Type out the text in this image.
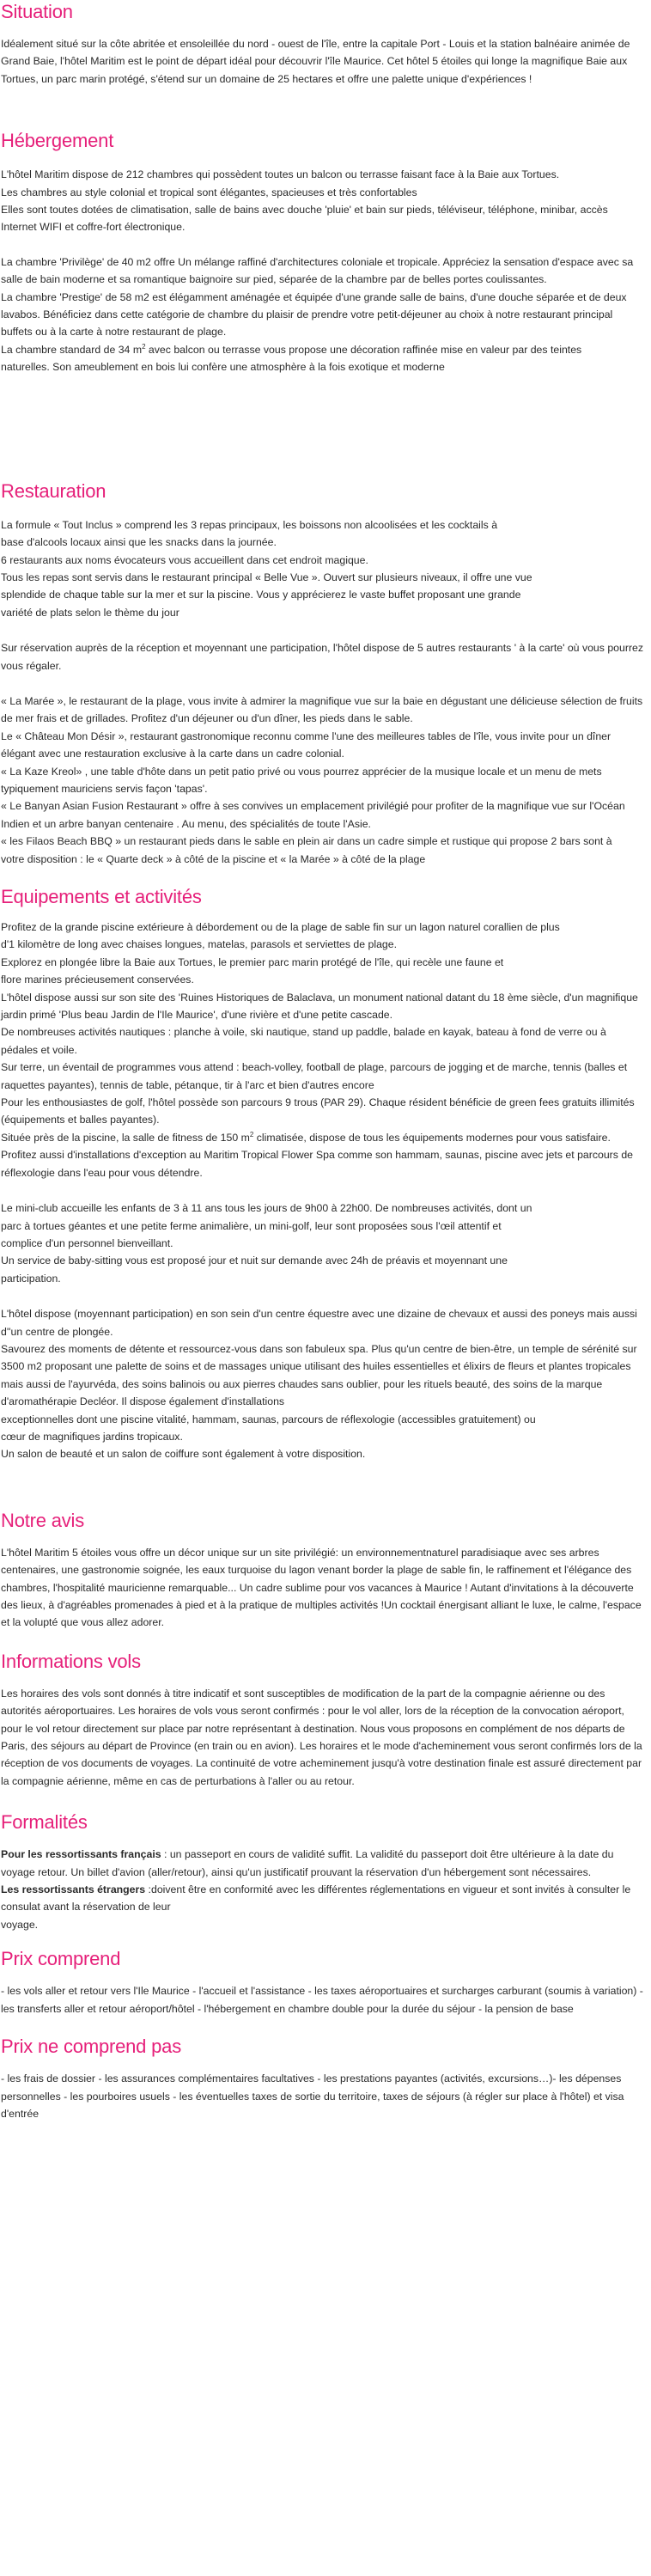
Situation

Idéalement situé sur la côte abritée et ensoleillée du nord - ouest de l'île, entre la capitale Port - Louis et la station balnéaire animée de Grand Baie, l'hôtel Maritim est le point de départ idéal pour découvrir l'île Maurice. Cet hôtel 5 étoiles qui longe la magnifique Baie aux

Tortues, un parc marin protégé, s'étend sur un domaine de 25 hectares et offre une palette unique d'expériences !

Hébergement

L'hôtel Maritim dispose de 212 chambres qui possèdent toutes un balcon ou terrasse faisant face à la Baie aux Tortues.

Les chambres au style colonial et tropical sont élégantes, spacieuses et très confortables

Elles sont toutes dotées de climatisation, salle de bains avec douche 'pluie' et bain sur pieds, téléviseur, téléphone, minibar, accès Internet WIFI et coffre-fort électronique.

La chambre 'Privilège' de 40 m2 offre Un mélange raffiné d'architectures coloniale et tropicale. Appréciez la sensation d'espace avec sa salle de bain moderne et sa romantique baignoire sur pied, séparée de la chambre par de belles portes coulissantes.

La chambre 'Prestige' de 58 m2 est élégamment aménagée et équipée d'une grande salle de bains, d'une douche séparée et de deux lavabos. Bénéficiez dans cette catégorie de chambre du plaisir de prendre votre petit-déjeuner au choix à notre restaurant principal buffets ou à la carte à notre restaurant de plage.

La chambre standard de 34 $m^2$ avec balcon ou terrasse vous propose une décoration raffinée mise en valeur par des teintes naturelles. Son ameublement en bois lui confère une atmosphère à la fois exotique et moderne

Restauration

La formule « Tout Inclus » comprend les 3 repas principaux, les boissons non alcoolisées et les cocktails à base d'alcools locaux ainsi que les snacks dans la journée.

6 restaurants aux noms évocateurs vous accueillent dans cet endroit magique.

Tous les repas sont servis dans le restaurant principal « Belle Vue ». Ouvert sur plusieurs niveaux, il offre une vue splendide de chaque table sur la mer et sur la piscine. Vous y apprécierez le vaste buffet proposant une grande variété de plats selon le thème du jour

Sur réservation auprès de la réception et moyennant une participation, l'hôtel dispose de 5 autres restaurants ' à la carte' où vous pourrez vous régaler.

« La Marée », le restaurant de la plage, vous invite à admirer la magnifique vue sur la baie en dégustant une délicieuse sélection de fruits de mer frais et de grillades. Profitez d'un déjeuner ou d'un dîner, les pieds dans le sable.

Le « Château Mon Désir », restaurant gastronomique reconnu comme l'une des meilleures tables de l'île, vous invite pour un dîner élégant avec une restauration exclusive à la carte dans un cadre colonial.

« La Kaze Kreol» , une table d'hôte dans un petit patio privé ou vous pourrez apprécier de la musique locale et un menu de mets typiquement mauriciens servis façon 'tapas'.

« Le Banyan Asian Fusion Restaurant » offre à ses convives un emplacement privilégié pour profiter de la magnifique vue sur l'Océan Indien et un arbre banyan centenaire . Au menu, des spécialités de toute l'Asie.

« les Filaos Beach BBQ » un restaurant pieds dans le sable en plein air dans un cadre simple et rustique qui propose 2 bars sont à votre disposition : le « Quarte deck » à côté de la piscine et « la Marée » à côté de la plage

Equipements et activités

Profitez de la grande piscine extérieure à débordement ou de la plage de sable fin sur un lagon naturel corallien de plus d'1 kilomètre de long avec chaises longues, matelas, parasols et serviettes de plage.

Explorez en plongée libre la Baie aux Tortues, le premier parc marin protégé de l'île, qui recèle une faune et flore marines précieusement conservées.

L'hôtel dispose aussi sur son site des 'Ruines Historiques de Balaclava, un monument national datant du 18 ème siècle, d'un magnifique jardin primé 'Plus beau Jardin de l'Ile Maurice', d'une rivière et d'une petite cascade.

De nombreuses activités nautiques : planche à voile, ski nautique, stand up paddle, balade en kayak, bateau à fond de verre ou à pédales et voile.

Sur terre, un éventail de programmes vous attend : beach-volley, football de plage, parcours de jogging et de marche, tennis (balles et raquettes payantes), tennis de table, pétanque, tir à l'arc et bien d'autres encore

Pour les enthousiastes de golf, l'hôtel possède son parcours 9 trous (PAR 29). Chaque résident bénéficie de green fees gratuits illimités (équipements et balles payantes).

Située près de la piscine, la salle de fitness de 150 $m^2$ climatisée, dispose de tous les équipements modernes pour vous satisfaire. Profitez aussi d'installations d'exception au Maritim Tropical Flower Spa comme son hammam, saunas, piscine avec jets et parcours de réflexologie dans l'eau pour vous détendre.

Le mini-club accueille les enfants de 3 à 11 ans tous les jours de 9h00 à 22h00. De nombreuses activités, dont un parc à tortues géantes et une petite ferme animalière, un mini-golf, leur sont proposées sous l'œil attentif et complice d'un personnel bienveillant.

Un service de baby-sitting vous est proposé jour et nuit sur demande avec 24h de préavis et moyennant une participation.

L'hôtel dispose (moyennant participation) en son sein d'un centre équestre avec une dizaine de chevaux et aussi des poneys mais aussi d''un centre de plongée.

Savourez des moments de détente et ressourcez-vous dans son fabuleux spa. Plus qu'un centre de bien-être, un temple de sérénité sur 3500 m2 proposant une palette de soins et de massages unique utilisant des huiles essentielles et élixirs de fleurs et plantes tropicales mais aussi de l'ayurvéda, des soins balinois ou aux pierres chaudes sans oublier, pour les rituels beauté, des soins de la marque d'aromathérapie Decléor. Il dispose également d'installations

exceptionnelles dont une piscine vitalité, hammam, saunas, parcours de réflexologie (accessibles gratuitement) ou cœur de magnifiques jardins tropicaux.

Un salon de beauté et un salon de coiffure sont également à votre disposition.

Notre avis

L'hôtel Maritim 5 étoiles vous offre un décor unique sur un site privilégié: un environnementnaturel paradisiaque avec ses arbres centenaires, une gastronomie soignée, les eaux turquoise du lagon venant border la plage de sable fin, le raffinement et l'élégance des chambres, l'hospitalité mauricienne remarquable... Un cadre sublime pour vos vacances à Maurice ! Autant d'invitations à la découverte des lieux, à d'agréables promenades à pied et à la pratique de multiples activités !Un cocktail énergisant alliant le luxe, le calme, l'espace et la volupté que vous allez adorer.

Informations vols

Les horaires des vols sont donnés à titre indicatif et sont susceptibles de modification de la part de la compagnie aérienne ou des autorités aéroportuaires. Les horaires de vols vous seront confirmés : pour le vol aller, lors de la réception de la convocation aéroport, pour le vol retour directement sur place par notre représentant à destination. Nous vous proposons en complément de nos départs de Paris, des séjours au départ de Province (en train ou en avion). Les horaires et le mode d'acheminement vous seront confirmés lors de la réception de vos documents de voyages. La continuité de votre acheminement jusqu'à votre destination finale est assuré directement par la compagnie aérienne, même en cas de perturbations à l'aller ou au retour.

Formalités

Pour les ressortissants français : un passeport en cours de validité suffit. La validité du passeport doit être ultérieure à la date du voyage retour. Un billet d'avion (aller/retour), ainsi qu'un justificatif prouvant la réservation d'un hébergement sont nécessaires.

Les ressortissants étrangers :doivent être en conformité avec les différentes réglementations en vigueur et sont invités à consulter le consulat avant la réservation de leur

voyage.

Prix comprend

- les vols aller et retour vers l'Ile Maurice - l'accueil et l'assistance - les taxes aéroportuaires et surcharges carburant (soumis à variation) - les transferts aller et retour aéroport/hôtel - l'hébergement en chambre double pour la durée du séjour - la pension de base

Prix ne comprend pas

- les frais de dossier - les assurances complémentaires facultatives - les prestations payantes (activités, excursions…)- les dépenses personnelles - les pourboires usuels - les éventuelles taxes de sortie du territoire, taxes de séjours (à régler sur place à l'hôtel) et visa d'entrée
